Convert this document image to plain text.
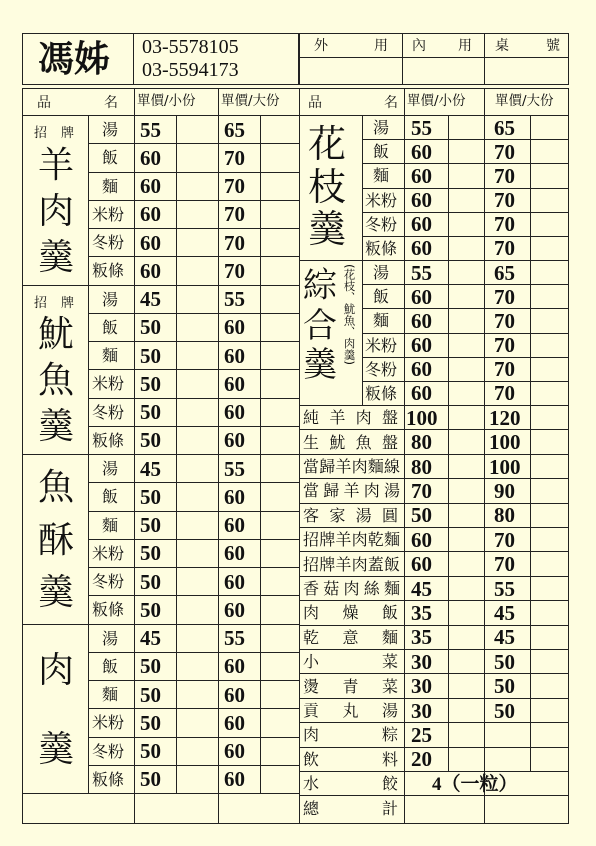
馮姊 03-5578105
03-5594173
外	用 內 用 桌	號
品	名 單價/小份 單價/大份 品	名 單價/小份 單價/大份
湯 55	65
飯 60	70
麵 60	70
米粉 60	70
冬粉 60	70
粄條 60	70
招 牌
羊
肉
羹
湯 45	55
飯 50	60
麵 50	60
米粉 50	60
冬粉 50	60
粄條 50	60
招 牌
魷
魚
羹
湯 45	55
飯 50	60
麵 50	60
米粉 50	60
冬粉 50	60
粄條 50	60
魚
酥
羹
湯 45	55
飯 50	60
麵 50	60
米粉 50	60
冬粉 50	60
粄條 50	60
肉
羹
湯 55	65
飯 60	70
麵 60	70
米粉 60	70
冬粉 60	70
粄條 60	70
花
枝
羹
湯 55	65
飯 60	70
麵 60	70
米粉 60	70
冬粉 60	70
粄條 60	70
綜
合
羹
(花枝、魷魚、肉羹)
純 羊 肉 盤 100 120
生 魷 魚 盤 80	100
當 歸 羊 肉 麵 線 80	100
當 歸 羊 肉 湯 70	90
客 家 湯 圓 50	80
招 牌 羊 肉 乾 麵 60	70
招 牌 羊 肉 蓋 飯 60	70
香 菇 肉 絲 麵 45	55
肉 燥 飯 35	45
乾 意 麵 35	45
小	菜 30	50
燙 青 菜 30	50
貢 丸 湯 30	50
肉	粽 25
飲	料 20
水	餃 4（一粒）
總	計
